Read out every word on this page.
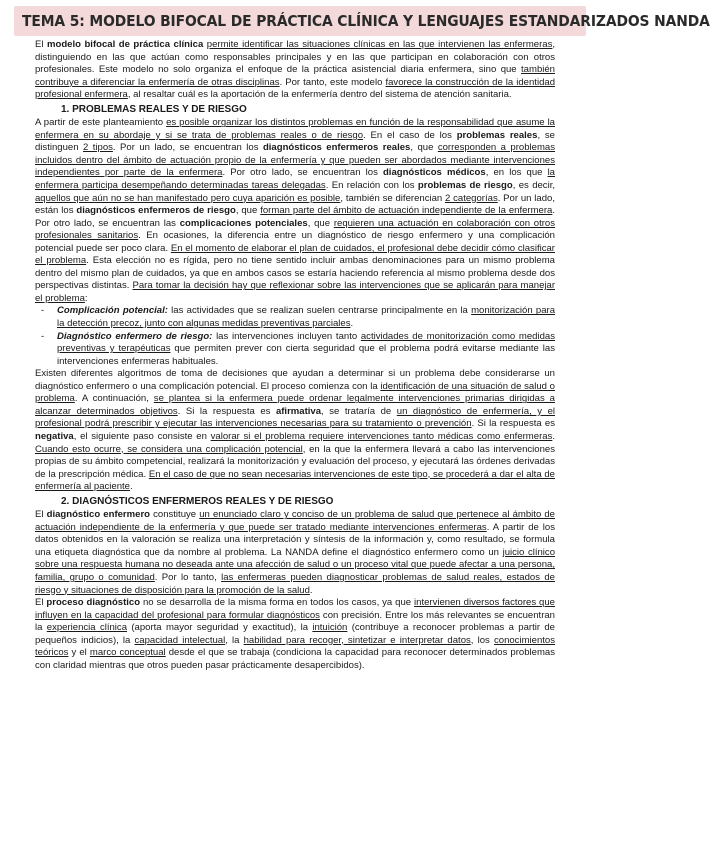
TEMA 5: MODELO BIFOCAL DE PRÁCTICA CLÍNICA Y LENGUAJES ESTANDARIZADOS NANDA

El modelo bifocal de práctica clínica permite identificar las situaciones clínicas en las que intervienen las enfermeras, distinguiendo en las que actúan como responsables principales y en las que participan en colaboración con otros profesionales. Este modelo no solo organiza el enfoque de la práctica asistencial diaria enfermera, sino que también contribuye a diferenciar la enfermería de otras disciplinas. Por tanto, este modelo favorece la construcción de la identidad profesional enfermera, al resaltar cuál es la aportación de la enfermería dentro del sistema de atención sanitaria.

1. PROBLEMAS REALES Y DE RIESGO

A partir de este planteamiento es posible organizar los distintos problemas en función de la responsabilidad que asume la enfermera en su abordaje y si se trata de problemas reales o de riesgo. En el caso de los problemas reales, se distinguen 2 tipos. Por un lado, se encuentran los diagnósticos enfermeros reales, que corresponden a problemas incluidos dentro del ámbito de actuación propio de la enfermería y que pueden ser abordados mediante intervenciones independientes por parte de la enfermera. Por otro lado, se encuentran los diagnósticos médicos, en los que la enfermera participa desempeñando determinadas tareas delegadas. En relación con los problemas de riesgo, es decir, aquellos que aún no se han manifestado pero cuya aparición es posible, también se diferencian 2 categorías. Por un lado, están los diagnósticos enfermeros de riesgo, que forman parte del ámbito de actuación independiente de la enfermera. Por otro lado, se encuentran las complicaciones potenciales, que requieren una actuación en colaboración con otros profesionales sanitarios. En ocasiones, la diferencia entre un diagnóstico de riesgo enfermero y una complicación potencial puede ser poco clara. En el momento de elaborar el plan de cuidados, el profesional debe decidir cómo clasificar el problema. Esta elección no es rígida, pero no tiene sentido incluir ambas denominaciones para un mismo problema dentro del mismo plan de cuidados, ya que en ambos casos se estaría haciendo referencia al mismo problema desde dos perspectivas distintas. Para tomar la decisión hay que reflexionar sobre las intervenciones que se aplicarán para manejar el problema:

- Complicación potencial: las actividades que se realizan suelen centrarse principalmente en la monitorización para la detección precoz, junto con algunas medidas preventivas parciales.
- Diagnóstico enfermero de riesgo: las intervenciones incluyen tanto actividades de monitorización como medidas preventivas y terapéuticas que permiten prever con cierta seguridad que el problema podrá evitarse mediante las intervenciones enfermeras habituales.

Existen diferentes algoritmos de toma de decisiones que ayudan a determinar si un problema debe considerarse un diagnóstico enfermero o una complicación potencial. El proceso comienza con la identificación de una situación de salud o problema. A continuación, se plantea si la enfermera puede ordenar legalmente intervenciones primarias dirigidas a alcanzar determinados objetivos. Si la respuesta es afirmativa, se trataría de un diagnóstico de enfermería, y el profesional podrá prescribir y ejecutar las intervenciones necesarias para su tratamiento o prevención. Si la respuesta es negativa, el siguiente paso consiste en valorar si el problema requiere intervenciones tanto médicas como enfermeras. Cuando esto ocurre, se considera una complicación potencial, en la que la enfermera llevará a cabo las intervenciones propias de su ámbito competencial, realizará la monitorización y evaluación del proceso, y ejecutará las órdenes derivadas de la prescripción médica. En el caso de que no sean necesarias intervenciones de este tipo, se procederá a dar el alta de enfermería al paciente.

2. DIAGNÓSTICOS ENFERMEROS REALES Y DE RIESGO

El diagnóstico enfermero constituye un enunciado claro y conciso de un problema de salud que pertenece al ámbito de actuación independiente de la enfermería y que puede ser tratado mediante intervenciones enfermeras. A partir de los datos obtenidos en la valoración se realiza una interpretación y síntesis de la información y, como resultado, se formula una etiqueta diagnóstica que da nombre al problema. La NANDA define el diagnóstico enfermero como un juicio clínico sobre una respuesta humana no deseada ante una afección de salud o un proceso vital que puede afectar a una persona, familia, grupo o comunidad. Por lo tanto, las enfermeras pueden diagnosticar problemas de salud reales, estados de riesgo y situaciones de disposición para la promoción de la salud.

El proceso diagnóstico no se desarrolla de la misma forma en todos los casos, ya que intervienen diversos factores que influyen en la capacidad del profesional para formular diagnósticos con precisión. Entre los más relevantes se encuentran la experiencia clínica (aporta mayor seguridad y exactitud), la intuición (contribuye a reconocer problemas a partir de pequeños indicios), la capacidad intelectual, la habilidad para recoger, sintetizar e interpretar datos, los conocimientos teóricos y el marco conceptual desde el que se trabaja (condiciona la capacidad para reconocer determinados problemas con claridad mientras que otros pueden pasar prácticamente desapercibidos).
